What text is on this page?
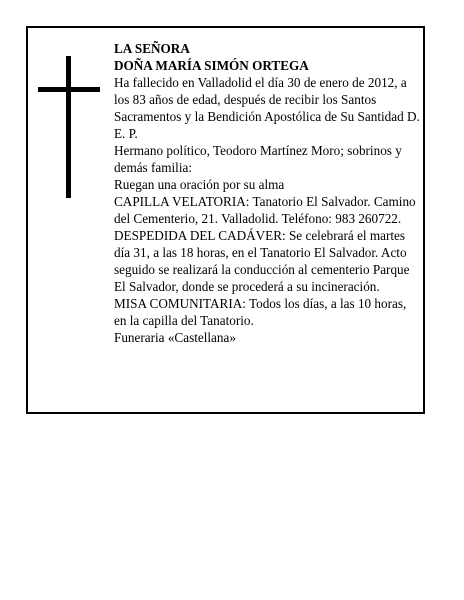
LA SEÑORA

DOÑA MARÍA SIMÓN ORTEGA

Ha fallecido en Valladolid el día 30 de enero de 2012, a los 83 años de edad, después de recibir los Santos Sacramentos y la Bendición Apostólica de Su Santidad D. E. P.

Hermano político, Teodoro Martínez Moro; sobrinos y demás familia:

Ruegan una oración por su alma

CAPILLA VELATORIA: Tanatorio El Salvador. Camino del Cementerio, 21. Valladolid. Teléfono: 983 260722.

DESPEDIDA DEL CADÁVER: Se celebrará el martes día 31, a las 18 horas, en el Tanatorio El Salvador. Acto seguido se realizará la conducción al cementerio Parque El Salvador, donde se procederá a su incineración.

MISA COMUNITARIA: Todos los días, a las 10 horas, en la capilla del Tanatorio.

Funeraria «Castellana»
